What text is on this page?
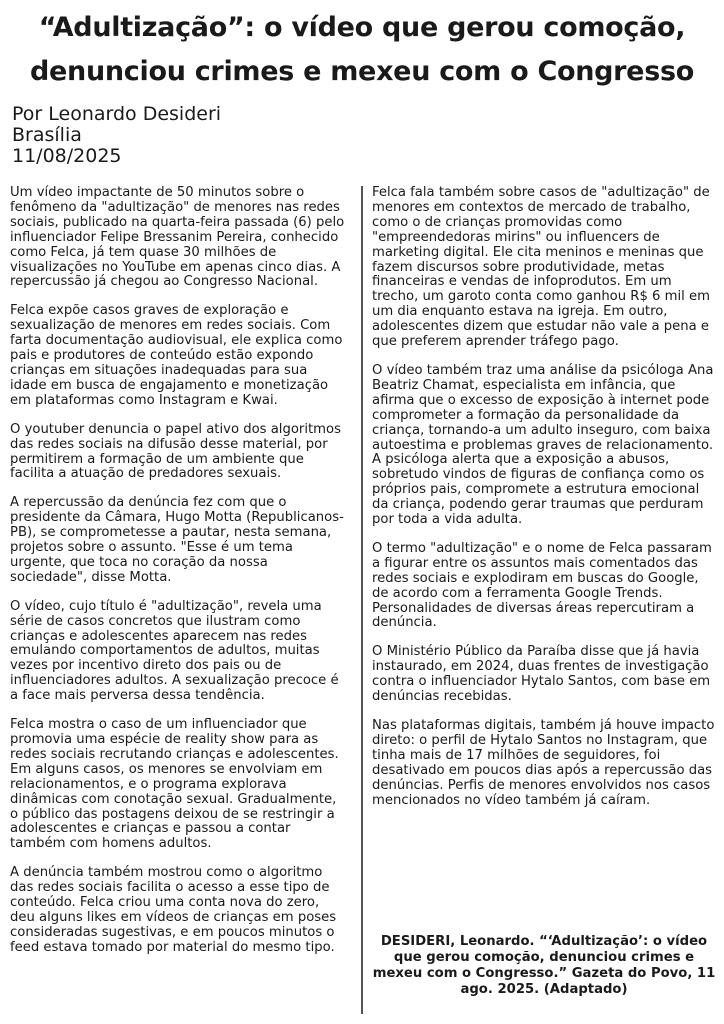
“Adultização”: o vídeo que gerou comoção, denunciou crimes e mexeu com o Congresso
Por Leonardo Desideri
Brasília
11/08/2025

Um vídeo impactante de 50 minutos sobre o fenômeno da "adultização" de menores nas redes sociais, publicado na quarta-feira passada (6) pelo influenciador Felipe Bressanim Pereira, conhecido como Felca, já tem quase 30 milhões de visualizações no YouTube em apenas cinco dias. A repercussão já chegou ao Congresso Nacional.

Felca expõe casos graves de exploração e sexualização de menores em redes sociais. Com farta documentação audiovisual, ele explica como pais e produtores de conteúdo estão expondo crianças em situações inadequadas para sua idade em busca de engajamento e monetização em plataformas como Instagram e Kwai.

O youtuber denuncia o papel ativo dos algoritmos das redes sociais na difusão desse material, por permitirem a formação de um ambiente que facilita a atuação de predadores sexuais.

A repercussão da denúncia fez com que o presidente da Câmara, Hugo Motta (Republicanos-PB), se comprometesse a pautar, nesta semana, projetos sobre o assunto. "Esse é um tema urgente, que toca no coração da nossa sociedade", disse Motta.

O vídeo, cujo título é "adultização", revela uma série de casos concretos que ilustram como crianças e adolescentes aparecem nas redes emulando comportamentos de adultos, muitas vezes por incentivo direto dos pais ou de influenciadores adultos. A sexualização precoce é a face mais perversa dessa tendência.

Felca mostra o caso de um influenciador que promovia uma espécie de reality show para as redes sociais recrutando crianças e adolescentes. Em alguns casos, os menores se envolviam em relacionamentos, e o programa explorava dinâmicas com conotação sexual. Gradualmente, o público das postagens deixou de se restringir a adolescentes e crianças e passou a contar também com homens adultos.

A denúncia também mostrou como o algoritmo das redes sociais facilita o acesso a esse tipo de conteúdo. Felca criou uma conta nova do zero, deu alguns likes em vídeos de crianças em poses consideradas sugestivas, e em poucos minutos o feed estava tomado por material do mesmo tipo.

Felca fala também sobre casos de "adultização" de menores em contextos de mercado de trabalho, como o de crianças promovidas como "empreendedoras mirins" ou influencers de marketing digital. Ele cita meninos e meninas que fazem discursos sobre produtividade, metas financeiras e vendas de infoprodutos. Em um trecho, um garoto conta como ganhou R$ 6 mil em um dia enquanto estava na igreja. Em outro, adolescentes dizem que estudar não vale a pena e que preferem aprender tráfego pago.

O vídeo também traz uma análise da psicóloga Ana Beatriz Chamat, especialista em infância, que afirma que o excesso de exposição à internet pode comprometer a formação da personalidade da criança, tornando-a um adulto inseguro, com baixa autoestima e problemas graves de relacionamento. A psicóloga alerta que a exposição a abusos, sobretudo vindos de figuras de confiança como os próprios pais, compromete a estrutura emocional da criança, podendo gerar traumas que perduram por toda a vida adulta.

O termo "adultização" e o nome de Felca passaram a figurar entre os assuntos mais comentados das redes sociais e explodiram em buscas do Google, de acordo com a ferramenta Google Trends. Personalidades de diversas áreas repercutiram a denúncia.

O Ministério Público da Paraíba disse que já havia instaurado, em 2024, duas frentes de investigação contra o influenciador Hytalo Santos, com base em denúncias recebidas.

Nas plataformas digitais, também já houve impacto direto: o perfil de Hytalo Santos no Instagram, que tinha mais de 17 milhões de seguidores, foi desativado em poucos dias após a repercussão das denúncias. Perfis de menores envolvidos nos casos mencionados no vídeo também já caíram.

DESIDERI, Leonardo. “‘Adultização’: o vídeo que gerou comoção, denunciou crimes e mexeu com o Congresso.” Gazeta do Povo, 11 ago. 2025. (Adaptado)
